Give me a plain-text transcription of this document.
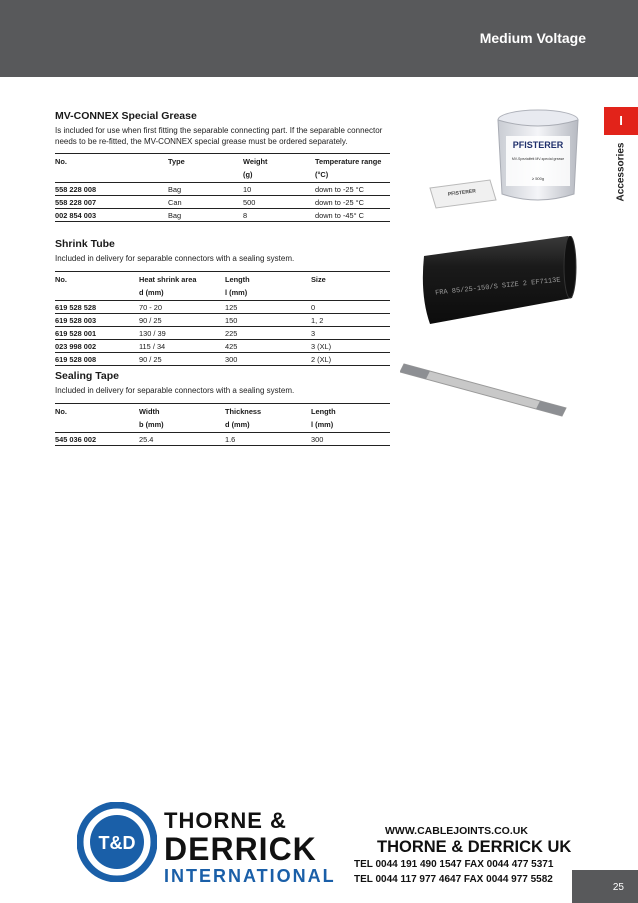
Medium Voltage
I
Accessories
MV-CONNEX Special Grease
Is included for use when first fitting the separable connecting part. If the separable connector needs to be re-fitted, the MV-CONNEX special grease must be ordered separately.
No.	Type	Weight	Temperature range
		(g)	(°C)
558 228 008	Bag	10	down to -25 °C
558 228 007	Can	500	down to -25 °C
002 854 003	Bag	8	down to -45° C
Shrink Tube
Included in delivery for separable connectors with a sealing system.
No.	Heat shrink area	Length	Size
	d (mm)	l (mm)	
619 528 528	70 - 20	125	0
619 528 003	90 / 25	150	1, 2
619 528 001	130 / 39	225	3
023 998 002	115 / 34	425	3 (XL)
619 528 008	90 / 25	300	2 (XL)
Sealing Tape
Included in delivery for separable connectors with a sealing system.
No.	Width	Thickness	Length
	b (mm)	d (mm)	l (mm)
545 036 002	25.4	1.6	300
PFISTERER
MV-Spezialfett MV-special grease
≥ 500g
PFISTERER
FRA 85/25-150/S SIZE 2 EF7113E
T&D
THORNE &
DERRICK
INTERNATIONAL
WWW.CABLEJOINTS.CO.UK
THORNE & DERRICK UK
TEL 0044 191 490 1547 FAX 0044 477 5371
TEL 0044 117 977 4647 FAX 0044 977 5582
25
